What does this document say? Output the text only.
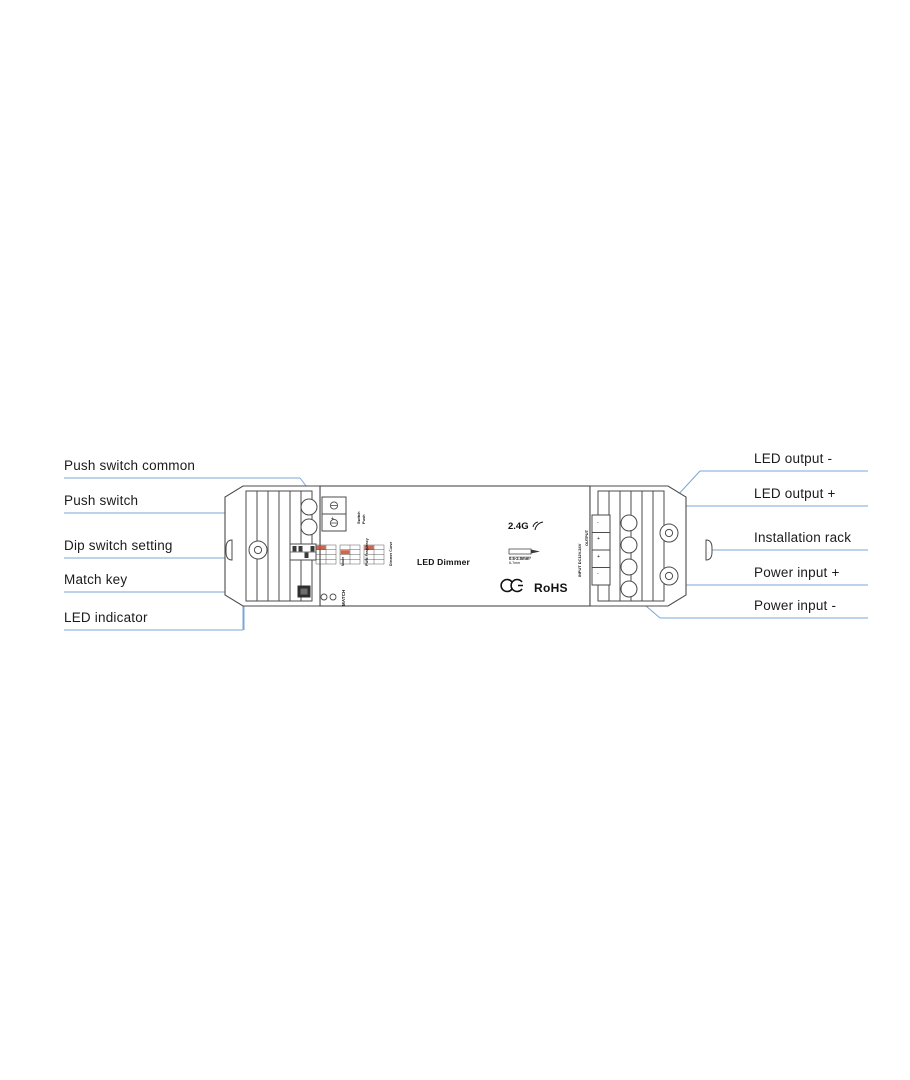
Push switch common
Push switch
Dip switch setting
Match key
LED indicator
LED output -
LED output +
Installation rack
Power input +
Power input -
LED Dimmer
2.4G
0.5-2.0mm²
6-7mm
RoHS
Switch Push
MATCH
OUTPUT
INPUT DC12V-24V
-
+
+
-
+
Dimmer Curve
PWM Frequency
Mode
